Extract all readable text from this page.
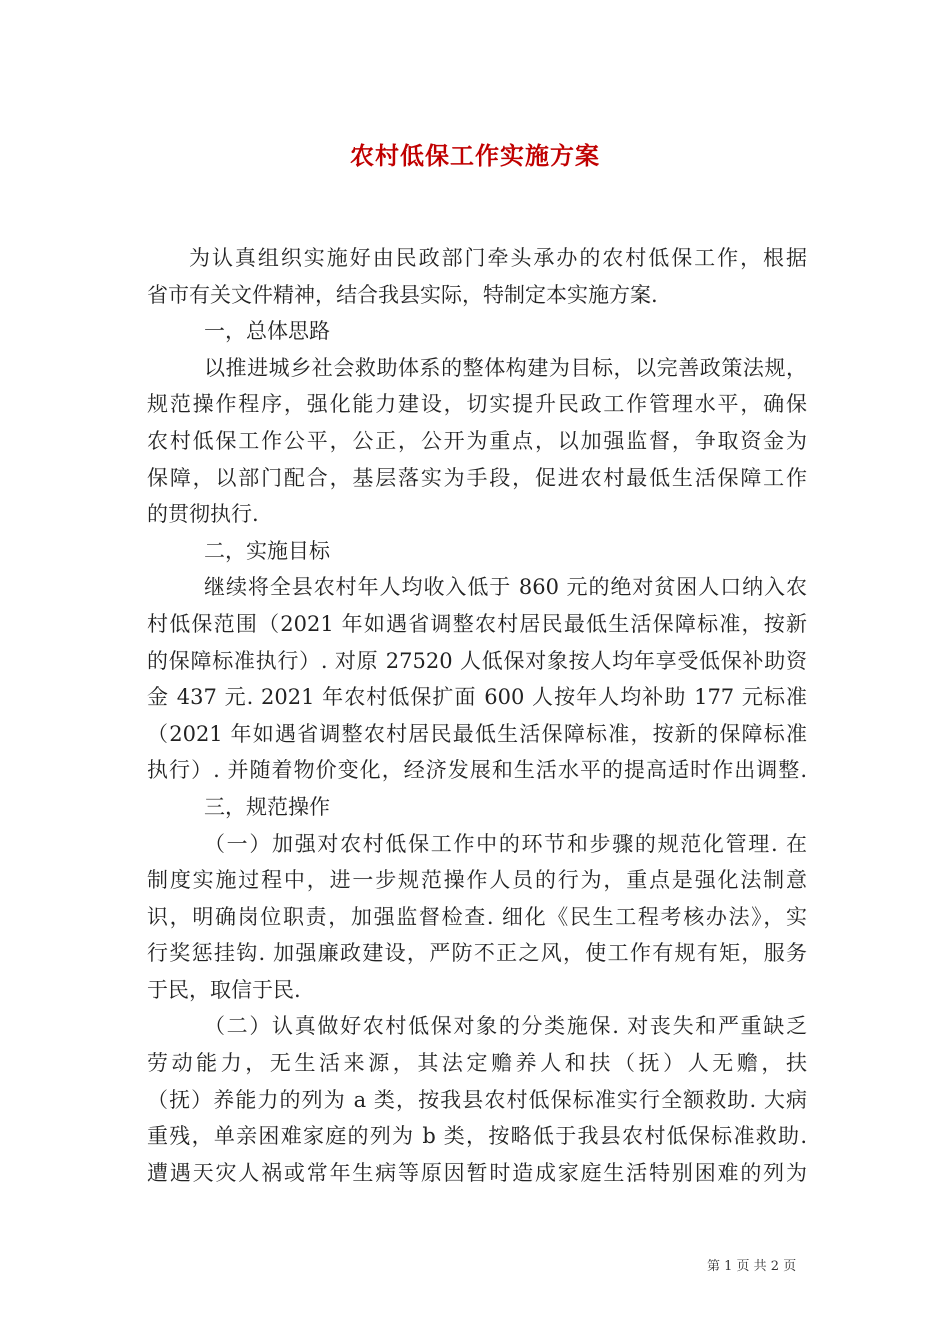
农村低保工作实施方案
为认真组织实施好由民政部门牵头承办的农村低保工作，根据
省市有关文件精神，结合我县实际，特制定本实施方案.
一，总体思路
以推进城乡社会救助体系的整体构建为目标，以完善政策法规，
规范操作程序，强化能力建设，切实提升民政工作管理水平，确保
农村低保工作公平，公正，公开为重点，以加强监督，争取资金为
保障，以部门配合，基层落实为手段，促进农村最低生活保障工作
的贯彻执行.
二，实施目标
继续将全县农村年人均收入低于 860 元的绝对贫困人口纳入农
村低保范围（2021 年如遇省调整农村居民最低生活保障标准，按新
的保障标准执行）. 对原 27520 人低保对象按人均年享受低保补助资
金 437 元. 2021 年农村低保扩面 600 人按年人均补助 177 元标准
（2021 年如遇省调整农村居民最低生活保障标准，按新的保障标准
执行）. 并随着物价变化，经济发展和生活水平的提高适时作出调整.
三，规范操作
（一）加强对农村低保工作中的环节和步骤的规范化管理. 在
制度实施过程中，进一步规范操作人员的行为，重点是强化法制意
识，明确岗位职责，加强监督检查. 细化《民生工程考核办法》，实
行奖惩挂钩. 加强廉政建设，严防不正之风，使工作有规有矩，服务
于民，取信于民.
（二）认真做好农村低保对象的分类施保. 对丧失和严重缺乏
劳动能力，无生活来源，其法定赡养人和扶（抚）人无赡，扶
（抚）养能力的列为 a 类，按我县农村低保标准实行全额救助. 大病
重残，单亲困难家庭的列为 b 类，按略低于我县农村低保标准救助.
遭遇天灾人祸或常年生病等原因暂时造成家庭生活特别困难的列为
第 1 页 共 2 页
